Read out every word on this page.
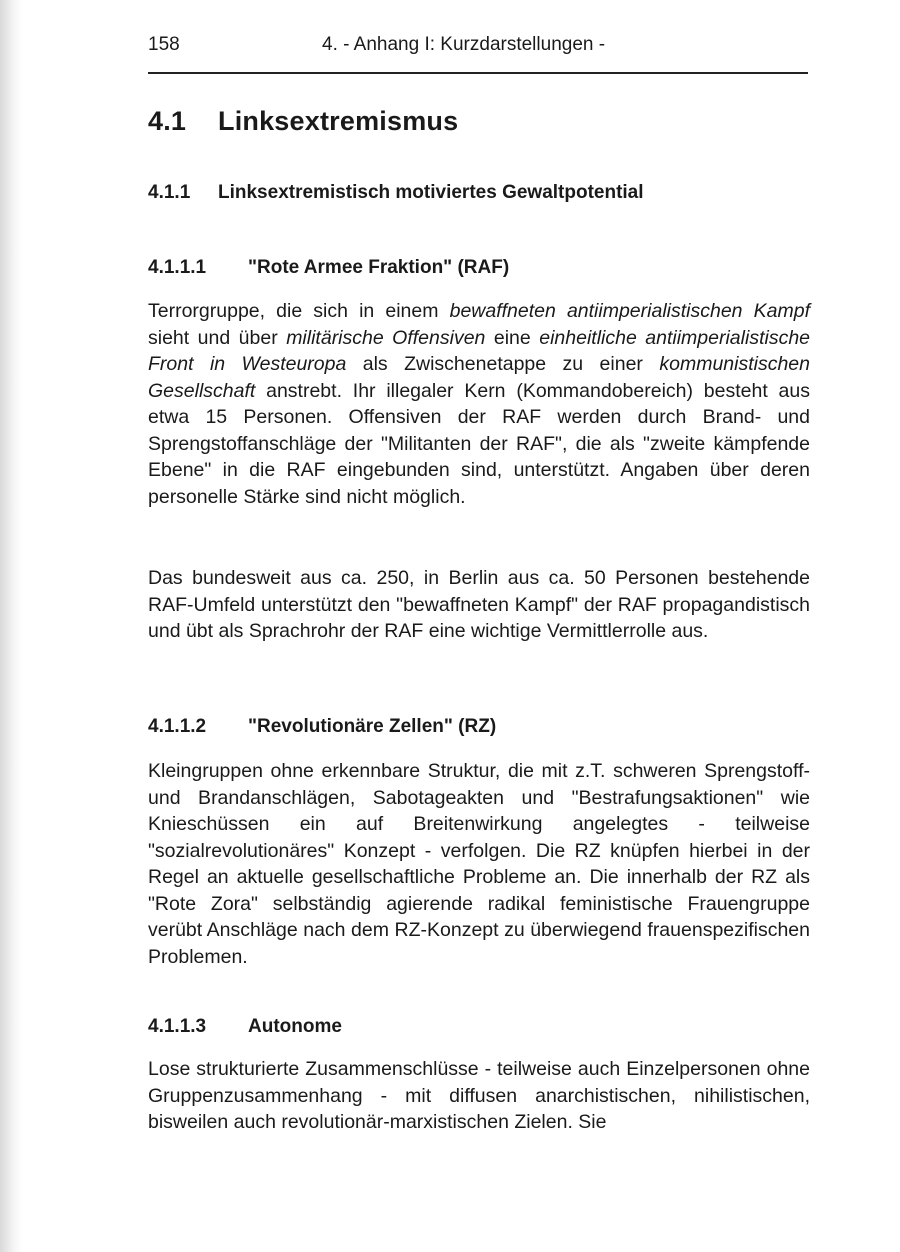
158	4. - Anhang I: Kurzdarstellungen -
4.1 Linksextremismus
4.1.1 Linksextremistisch motiviertes Gewaltpotential
4.1.1.1 "Rote Armee Fraktion" (RAF)
Terrorgruppe, die sich in einem bewaffneten antiimperialistischen Kampf sieht und über militärische Offensiven eine einheitliche antiimperialistische Front in Westeuropa als Zwischenetappe zu einer kommunistischen Gesellschaft anstrebt. Ihr illegaler Kern (Kommandobereich) besteht aus etwa 15 Personen. Offensiven der RAF werden durch Brand- und Sprengstoffanschläge der "Militanten der RAF", die als "zweite kämpfende Ebene" in die RAF eingebunden sind, unterstützt. Angaben über deren personelle Stärke sind nicht möglich.
Das bundesweit aus ca. 250, in Berlin aus ca. 50 Personen bestehende RAF-Umfeld unterstützt den "bewaffneten Kampf" der RAF propagandistisch und übt als Sprachrohr der RAF eine wichtige Vermittlerrolle aus.
4.1.1.2 "Revolutionäre Zellen" (RZ)
Kleingruppen ohne erkennbare Struktur, die mit z.T. schweren Sprengstoff- und Brandanschlägen, Sabotageakten und "Bestrafungsaktionen" wie Knieschüssen ein auf Breitenwirkung angelegtes - teilweise "sozialrevolutionäres" Konzept - verfolgen. Die RZ knüpfen hierbei in der Regel an aktuelle gesellschaftliche Probleme an. Die innerhalb der RZ als "Rote Zora" selbständig agierende radikal feministische Frauengruppe verübt Anschläge nach dem RZ-Konzept zu überwiegend frauenspezifischen Problemen.
4.1.1.3 Autonome
Lose strukturierte Zusammenschlüsse - teilweise auch Einzelpersonen ohne Gruppenzusammenhang - mit diffusen anarchistischen, nihilistischen, bisweilen auch revolutionär-marxistischen Zielen. Sie
